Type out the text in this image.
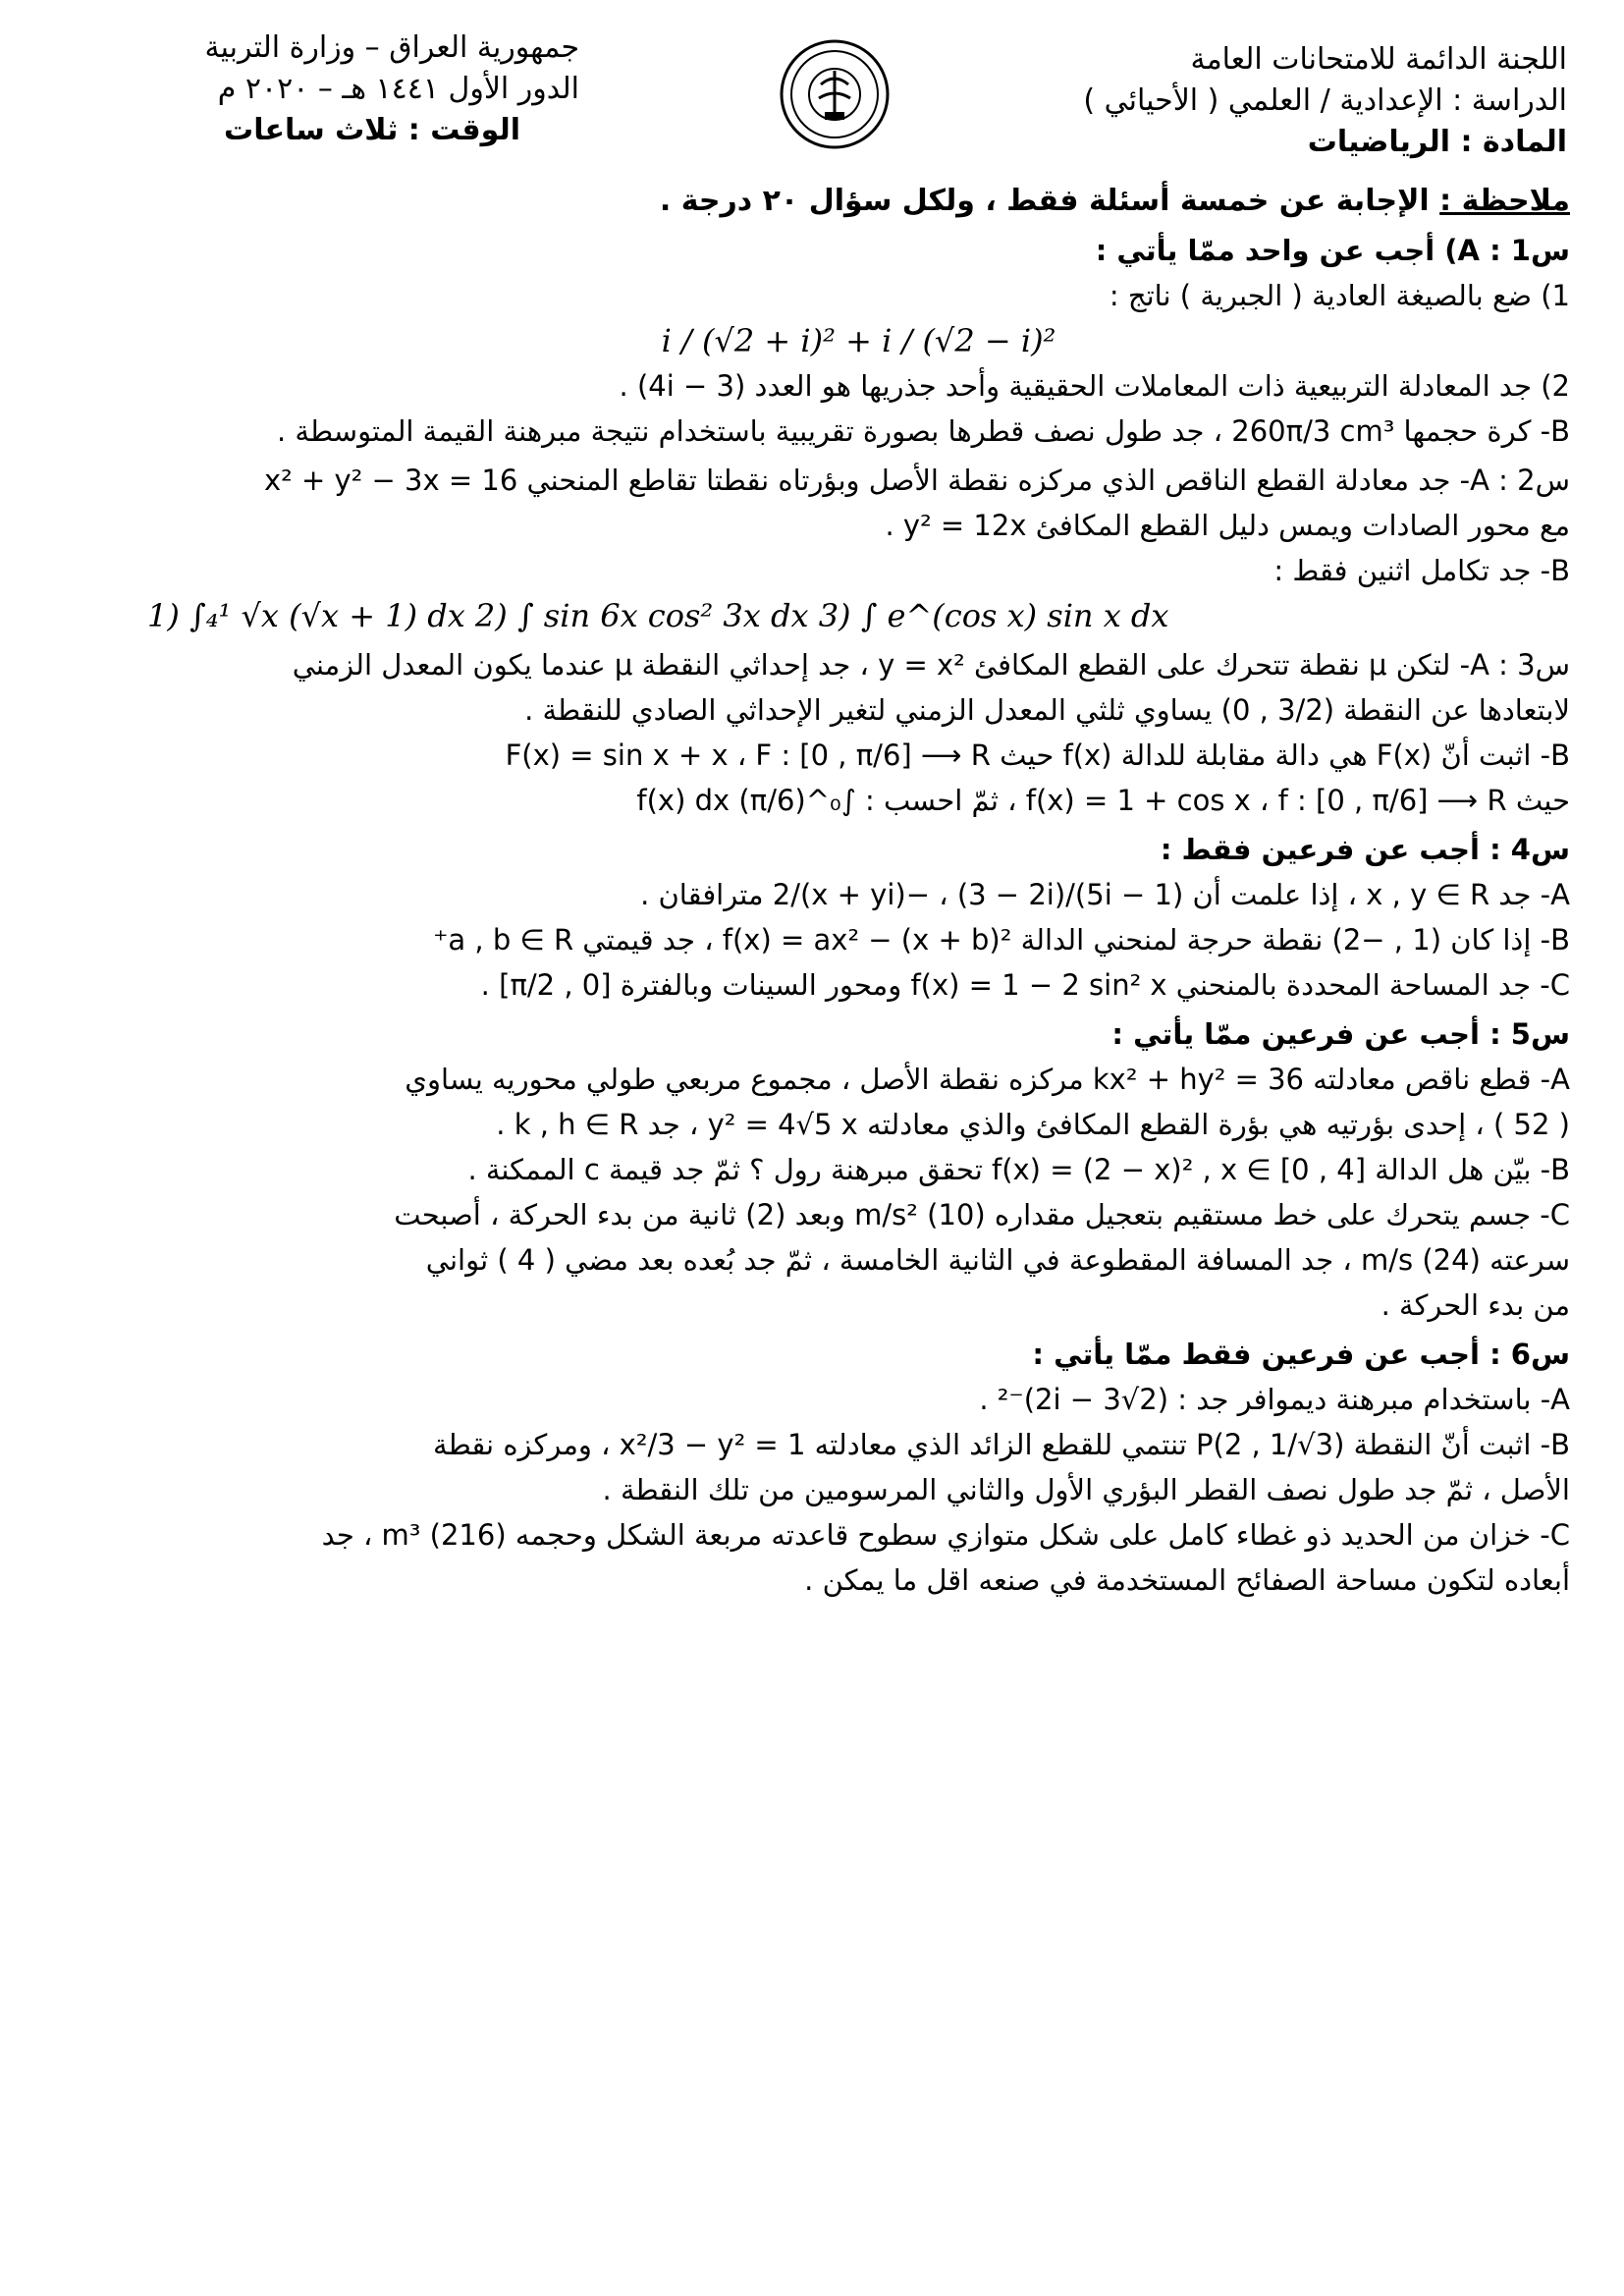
اللجنة الدائمة للامتحانات العامة
الدراسة : الإعدادية / العلمي ( الأحيائي )
المادة : الرياضيات
جمهورية العراق – وزارة التربية
الدور الأول ١٤٤١ هـ – ٢٠٢٠ م
الوقت : ثلاث ساعات
ملاحظة : الإجابة عن خمسة أسئلة فقط ، ولكل سؤال ٢٠ درجة .
س1 : A) أجب عن واحد ممّا يأتي :
1) ضع بالصيغة العادية ( الجبرية ) ناتج :
i / (√2 + i)² + i / (√2 − i)²
2) جد المعادلة التربيعية ذات المعاملات الحقيقية وأحد جذريها هو العدد (3 − 4i) .
B- كرة حجمها 260π/3 cm³ ، جد طول نصف قطرها بصورة تقريبية باستخدام نتيجة مبرهنة القيمة المتوسطة .
س2 : A- جد معادلة القطع الناقص الذي مركزه نقطة الأصل وبؤرتاه نقطتا تقاطع المنحني x² + y² − 3x = 16
مع محور الصادات ويمس دليل القطع المكافئ y² = 12x .
B- جد تكامل اثنين فقط :
1) ∫₄¹ √x (√x + 1) dx 2) ∫ sin 6x cos² 3x dx 3) ∫ e^(cos x) sin x dx
س3 : A- لتكن μ نقطة تتحرك على القطع المكافئ y = x² ، جد إحداثي النقطة μ عندما يكون المعدل الزمني
لابتعادها عن النقطة (3/2 , 0) يساوي ثلثي المعدل الزمني لتغير الإحداثي الصادي للنقطة .
B- اثبت أنّ F(x) هي دالة مقابلة للدالة f(x) حيث F(x) = sin x + x ، F : [0 , π/6] ⟶ R
حيث f(x) = 1 + cos x ، f : [0 , π/6] ⟶ R ، ثمّ احسب : ∫₀^(π/6) f(x) dx
س4 : أجب عن فرعين فقط :
A- جد x , y ∈ R ، إذا علمت أن (1 − 5i)/(3 − 2i) ، −2/(x + yi) مترافقان .
B- إذا كان (1 , −2) نقطة حرجة لمنحني الدالة f(x) = ax² − (x + b)² ، جد قيمتي a , b ∈ R⁺
C- جد المساحة المحددة بالمنحني f(x) = 1 − 2 sin² x ومحور السينات وبالفترة [0 , π/2] .
س5 : أجب عن فرعين ممّا يأتي :
A- قطع ناقص معادلته kx² + hy² = 36 مركزه نقطة الأصل ، مجموع مربعي طولي محوريه يساوي
( 52 ) ، إحدى بؤرتيه هي بؤرة القطع المكافئ والذي معادلته y² = 4√5 x ، جد k , h ∈ R .
B- بيّن هل الدالة f(x) = (2 − x)² , x ∈ [0 , 4] تحقق مبرهنة رول ؟ ثمّ جد قيمة c الممكنة .
C- جسم يتحرك على خط مستقيم بتعجيل مقداره (10) m/s² وبعد (2) ثانية من بدء الحركة ، أصبحت
سرعته (24) m/s ، جد المسافة المقطوعة في الثانية الخامسة ، ثمّ جد بُعده بعد مضي ( 4 ) ثواني
من بدء الحركة .
س6 : أجب عن فرعين فقط ممّا يأتي :
A- باستخدام مبرهنة ديموافر جد : (2√3 − 2i)⁻² .
B- اثبت أنّ النقطة P(2 , 1/√3) تنتمي للقطع الزائد الذي معادلته x²/3 − y² = 1 ، ومركزه نقطة
الأصل ، ثمّ جد طول نصف القطر البؤري الأول والثاني المرسومين من تلك النقطة .
C- خزان من الحديد ذو غطاء كامل على شكل متوازي سطوح قاعدته مربعة الشكل وحجمه (216) m³ ، جد
أبعاده لتكون مساحة الصفائح المستخدمة في صنعه اقل ما يمكن .
